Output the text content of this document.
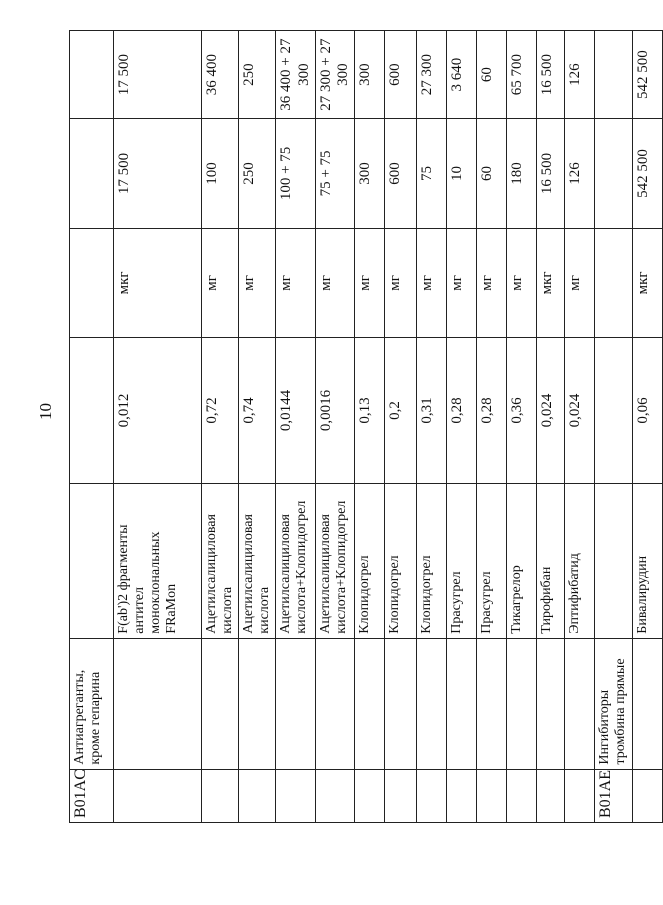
10
B01AC	Антиагреганты, кроме гепарина					
		F(ab')2 фрагменты антител моноклональных FRaMon	0,012	мкг	17 500	17 500
		Ацетилсалициловая кислота	0,72	мг	100	36 400
		Ацетилсалициловая кислота	0,74	мг	250	250
		Ацетилсалициловая кислота+Клопидогрел	0,0144	мг	100 + 75	36 400 + 27 300
		Ацетилсалициловая кислота+Клопидогрел	0,0016	мг	75 + 75	27 300 + 27 300
		Клопидогрел	0,13	мг	300	300
		Клопидогрел	0,2	мг	600	600
		Клопидогрел	0,31	мг	75	27 300
		Прасугрел	0,28	мг	10	3 640
		Прасугрел	0,28	мг	60	60
		Тикагрелор	0,36	мг	180	65 700
		Тирофибан	0,024	мкг	16 500	16 500
		Эптифибатид	0,024	мг	126	126
B01AE	Ингибиторы тромбина прямые					
		Бивалирудин	0,06	мкг	542 500	542 500
